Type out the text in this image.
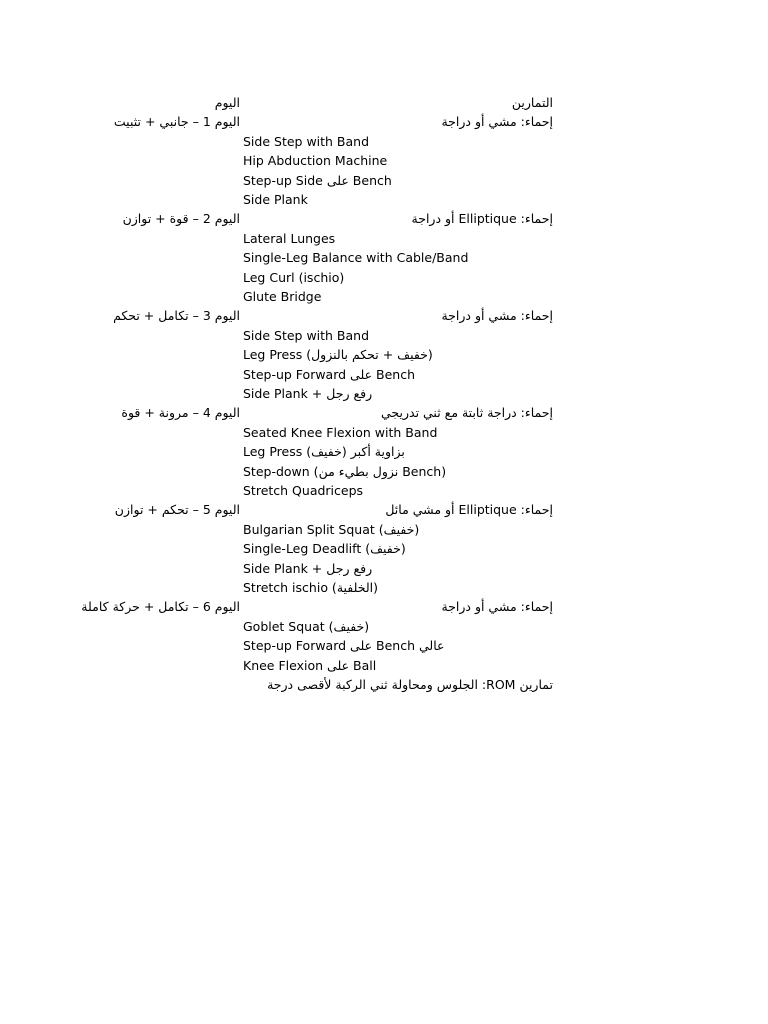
اليوم	التمارين
اليوم 1 – جانبي + تثبيت	إحماء: مشي أو دراجة
Side Step with Band
Hip Abduction Machine
Step-up Side على Bench
Side Plank
اليوم 2 – قوة + توازن	إحماء: Elliptique أو دراجة
Lateral Lunges
Single-Leg Balance with Cable/Band
Leg Curl (ischio)
Glute Bridge
اليوم 3 – تكامل + تحكم	إحماء: مشي أو دراجة
Side Step with Band
Leg Press (خفيف + تحكم بالنزول)
Step-up Forward على Bench
Side Plank + رفع رجل
اليوم 4 – مرونة + قوة	إحماء: دراجة ثابتة مع ثني تدريجي
Seated Knee Flexion with Band
Leg Press (خفيف) بزاوية أكبر
Step-down (نزول بطيء من Bench)
Stretch Quadriceps
اليوم 5 – تحكم + توازن	إحماء: Elliptique أو مشي مائل
Bulgarian Split Squat (خفيف)
Single-Leg Deadlift (خفيف)
Side Plank + رفع رجل
Stretch ischio (الخلفية)
اليوم 6 – تكامل + حركة كاملة	إحماء: مشي أو دراجة
Goblet Squat (خفيف)
Step-up Forward على Bench عالي
Knee Flexion على Ball
تمارين ROM: الجلوس ومحاولة ثني الركبة لأقصى درجة
